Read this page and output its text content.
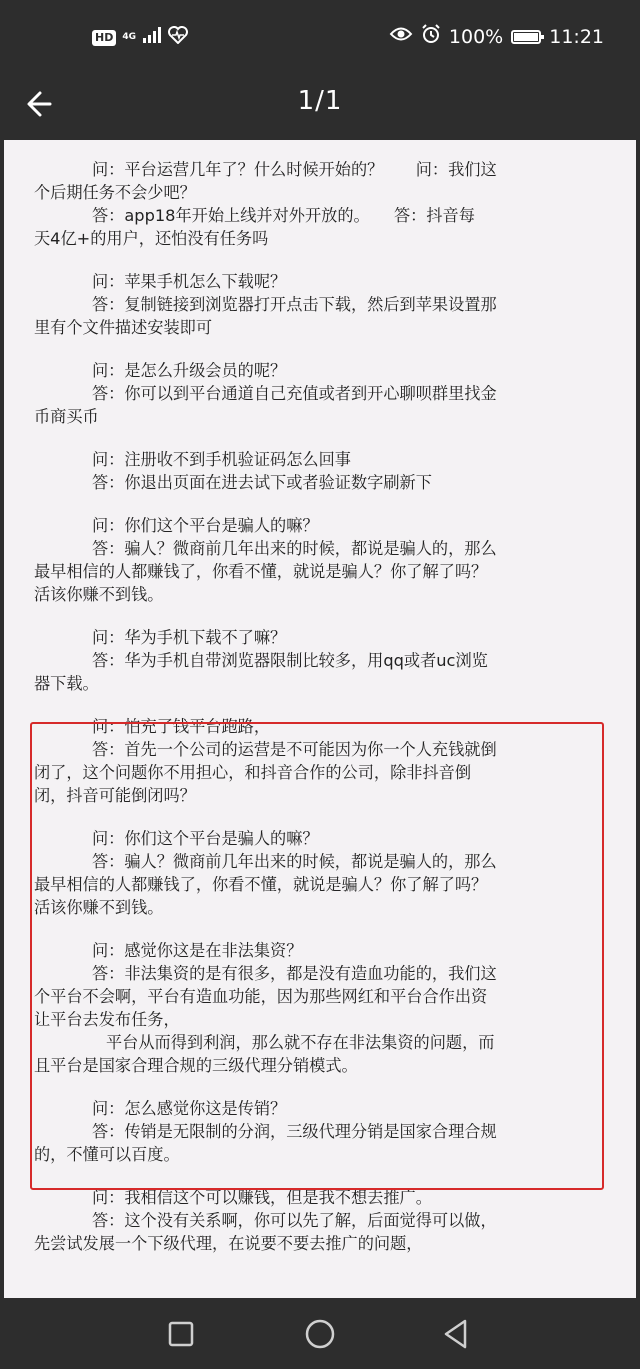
HD	4G	100% 11:21
1/1

问：平台运营几年了？什么时候开始的？　　问：我们这

个后期任务不会少吧？

答：app18年开始上线并对外开放的。　　答：抖音每

天4亿+的用户，还怕没有任务吗

问：苹果手机怎么下载呢？

答：复制链接到浏览器打开点击下载，然后到苹果设置那

里有个文件描述安装即可

问：是怎么升级会员的呢？

答：你可以到平台通道自己充值或者到开心聊呗群里找金

币商买币

问：注册收不到手机验证码怎么回事

答：你退出页面在进去试下或者验证数字刷新下

问：你们这个平台是骗人的嘛？

答：骗人？微商前几年出来的时候，都说是骗人的，那么

最早相信的人都赚钱了，你看不懂，就说是骗人？你了解了吗？

活该你赚不到钱。

问：华为手机下载不了嘛？

答：华为手机自带浏览器限制比较多，用qq或者uc浏览

器下载。

问：怕充了钱平台跑路，

答：首先一个公司的运营是不可能因为你一个人充钱就倒

闭了，这个问题你不用担心，和抖音合作的公司，除非抖音倒

闭，抖音可能倒闭吗？

问：你们这个平台是骗人的嘛？

答：骗人？微商前几年出来的时候，都说是骗人的，那么

最早相信的人都赚钱了，你看不懂，就说是骗人？你了解了吗？

活该你赚不到钱。

问：感觉你这是在非法集资？

答：非法集资的是有很多，都是没有造血功能的，我们这

个平台不会啊，平台有造血功能，因为那些网红和平台合作出资

让平台去发布任务，

平台从而得到利润，那么就不存在非法集资的问题，而

且平台是国家合理合规的三级代理分销模式。

问：怎么感觉你这是传销？

答：传销是无限制的分润，三级代理分销是国家合理合规

的，不懂可以百度。

问：我相信这个可以赚钱，但是我不想去推广。

答：这个没有关系啊，你可以先了解，后面觉得可以做，

先尝试发展一个下级代理，在说要不要去推广的问题，
